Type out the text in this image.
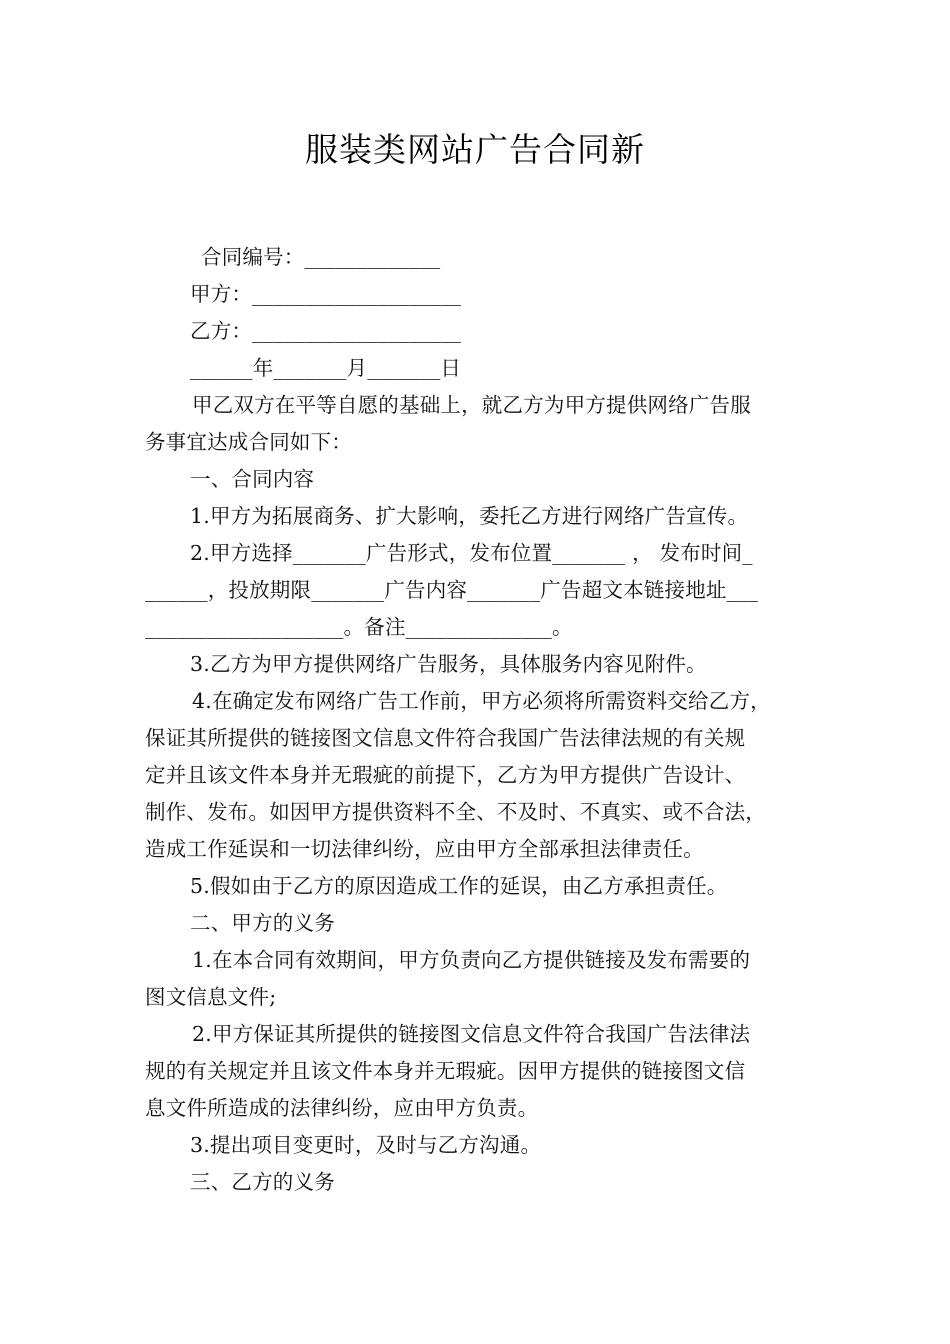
服装类网站广告合同新
合同编号：_____________
甲方：____________________
乙方：____________________
______年_______月_______日
甲乙双方在平等自愿的基础上，就乙方为甲方提供网络广告服
务事宜达成合同如下：
一、合同内容
1.甲方为拓展商务、扩大影响，委托乙方进行网络广告宣传。
2.甲方选择_______广告形式，发布位置_______ ， 发布时间_
______，投放期限_______广告内容_______广告超文本链接地址___
___________________。备注______________。
3.乙方为甲方提供网络广告服务，具体服务内容见附件。
4.在确定发布网络广告工作前，甲方必须将所需资料交给乙方，
保证其所提供的链接图文信息文件符合我国广告法律法规的有关规
定并且该文件本身并无瑕疵的前提下，乙方为甲方提供广告设计、
制作、发布。如因甲方提供资料不全、不及时、不真实、或不合法，
造成工作延误和一切法律纠纷，应由甲方全部承担法律责任。
5.假如由于乙方的原因造成工作的延误，由乙方承担责任。
二、甲方的义务
1.在本合同有效期间，甲方负责向乙方提供链接及发布需要的
图文信息文件;
2.甲方保证其所提供的链接图文信息文件符合我国广告法律法
规的有关规定并且该文件本身并无瑕疵。因甲方提供的链接图文信
息文件所造成的法律纠纷，应由甲方负责。
3.提出项目变更时，及时与乙方沟通。
三、乙方的义务
